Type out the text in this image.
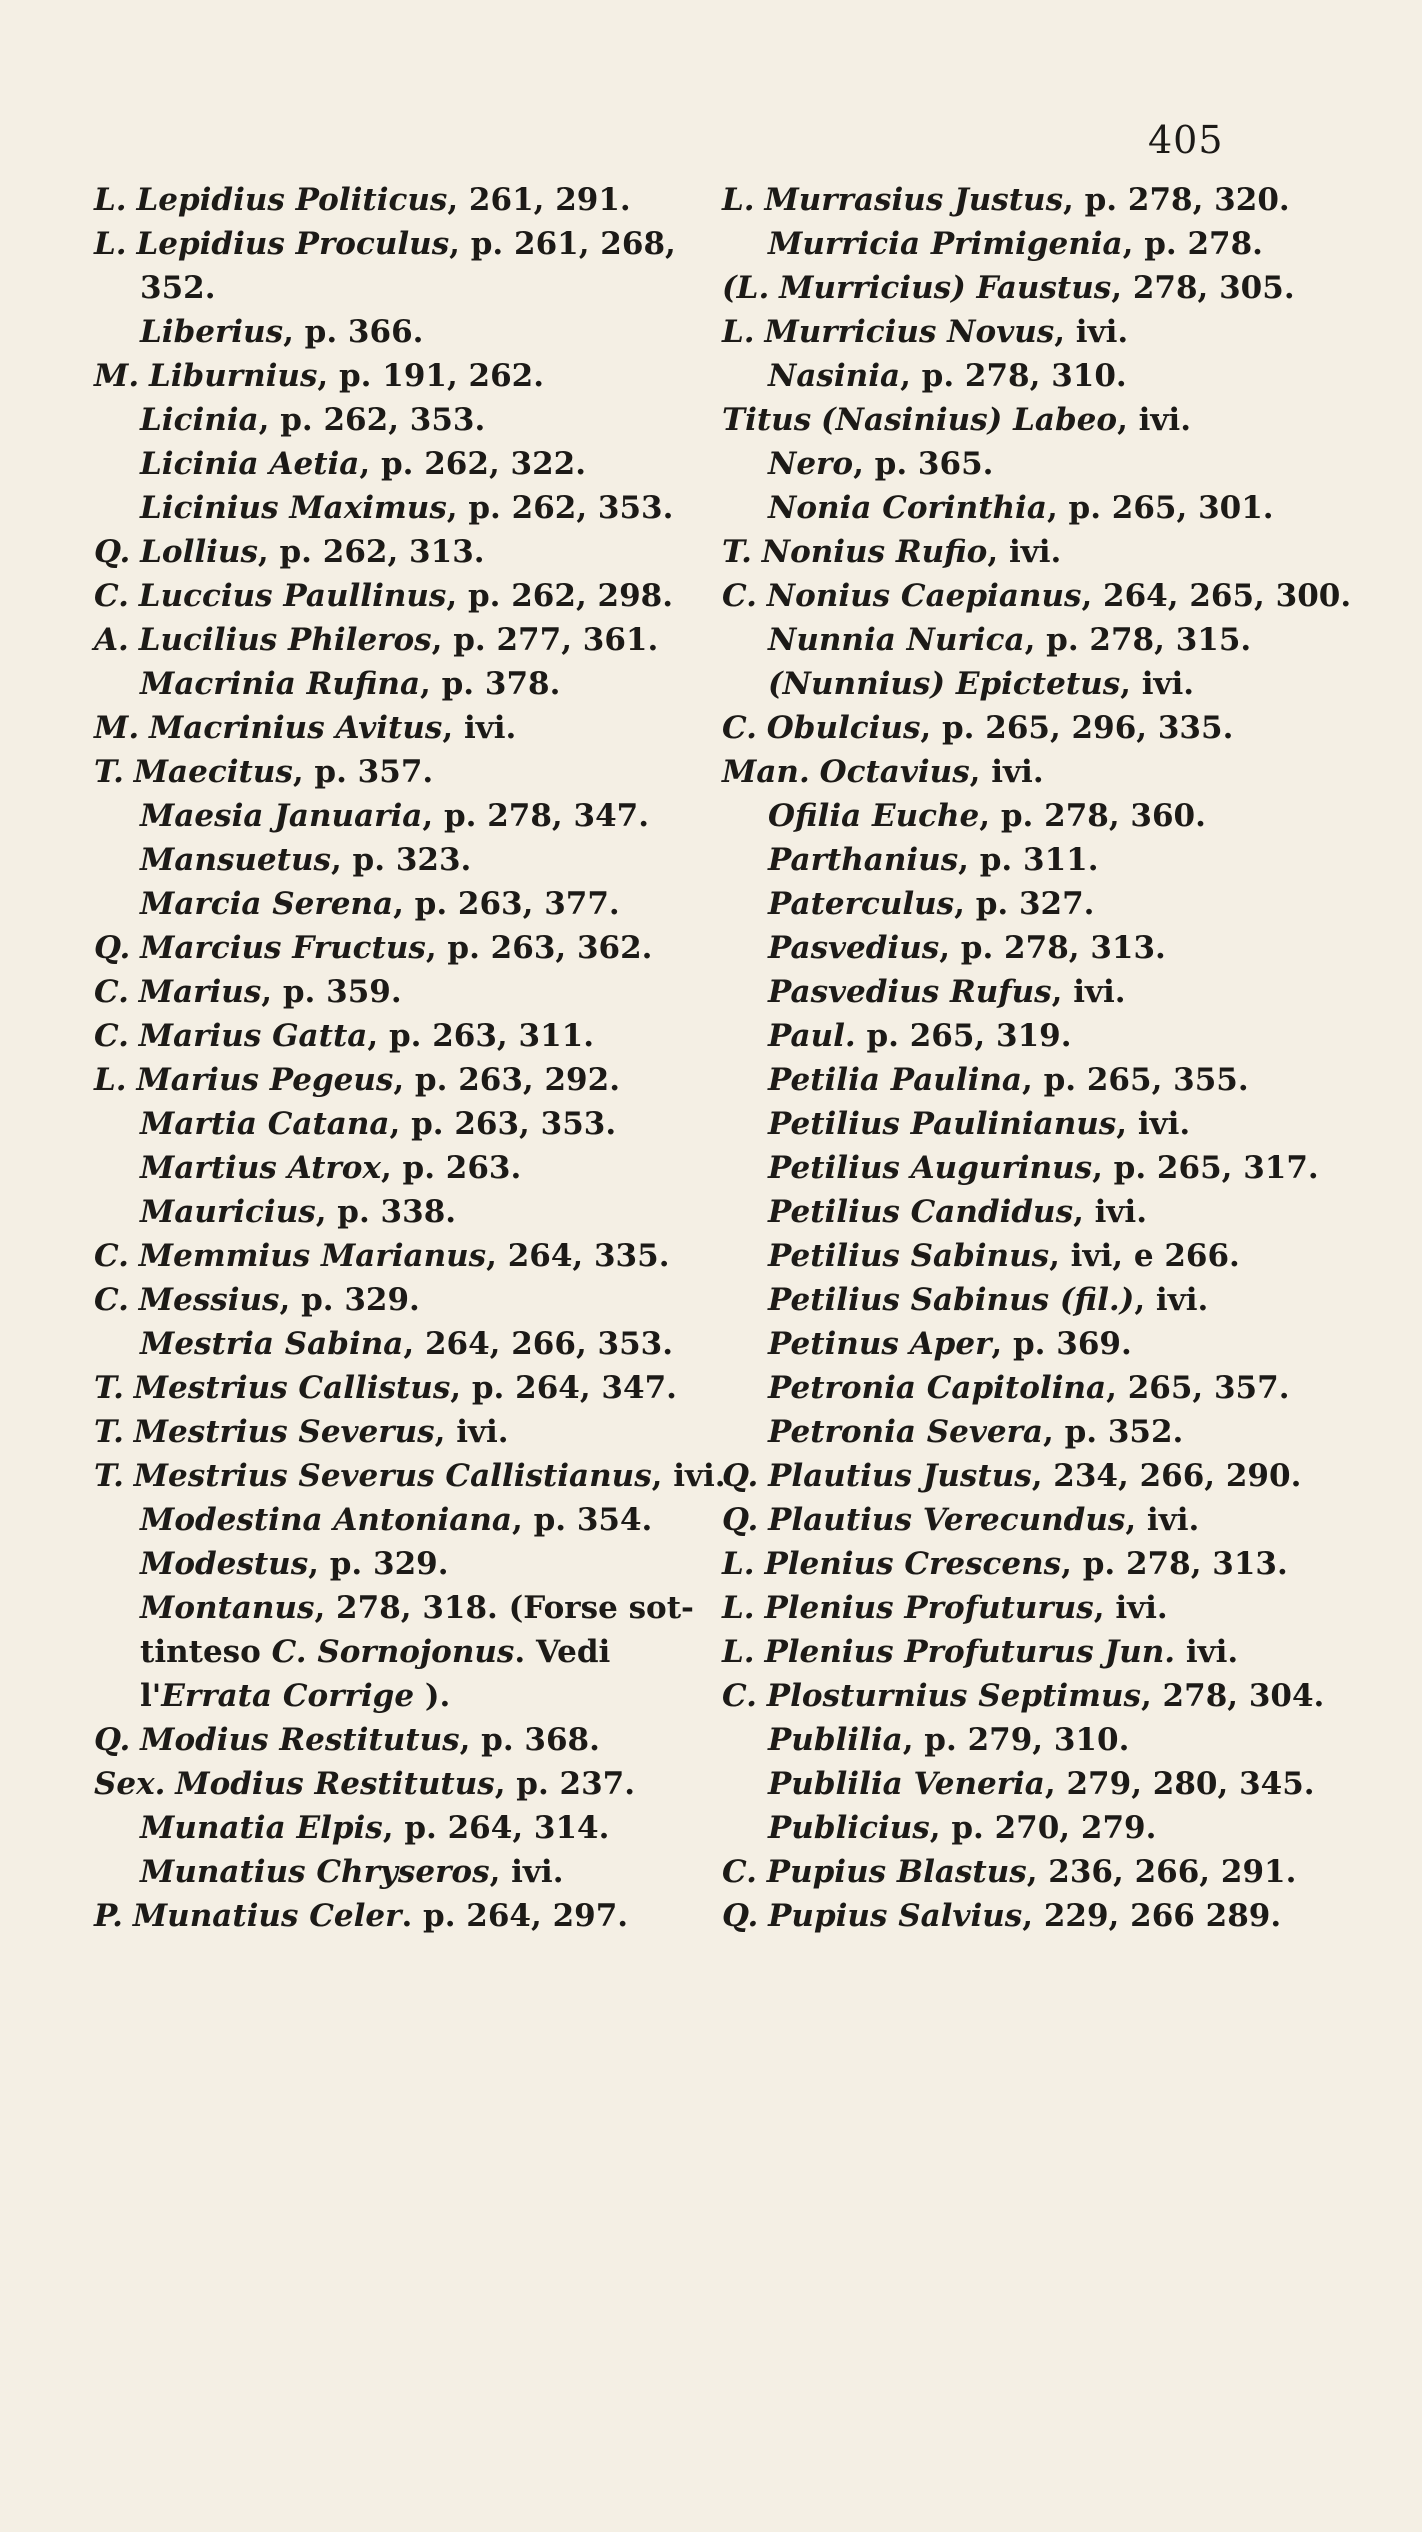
405
L. Lepidius Politicus, 261, 291.
L. Lepidius Proculus, p. 261, 268,
352.
Liberius, p. 366.
M. Liburnius, p. 191, 262.
Licinia, p. 262, 353.
Licinia Aetia, p. 262, 322.
Licinius Maximus, p. 262, 353.
Q. Lollius, p. 262, 313.
C. Luccius Paullinus, p. 262, 298.
A. Lucilius Phileros, p. 277, 361.
Macrinia Rufina, p. 378.
M. Macrinius Avitus, ivi.
T. Maecitus, p. 357.
Maesia Januaria, p. 278, 347.
Mansuetus, p. 323.
Marcia Serena, p. 263, 377.
Q. Marcius Fructus, p. 263, 362.
C. Marius, p. 359.
C. Marius Gatta, p. 263, 311.
L. Marius Pegeus, p. 263, 292.
Martia Catana, p. 263, 353.
Martius Atrox, p. 263.
Mauricius, p. 338.
C. Memmius Marianus, 264, 335.
C. Messius, p. 329.
Mestria Sabina, 264, 266, 353.
T. Mestrius Callistus, p. 264, 347.
T. Mestrius Severus, ivi.
T. Mestrius Severus Callistianus, ivi.
Modestina Antoniana, p. 354.
Modestus, p. 329.
Montanus, 278, 318. (Forse sot-
tinteso C. Sornojonus. Vedi
l'Errata Corrige ).
Q. Modius Restitutus, p. 368.
Sex. Modius Restitutus, p. 237.
Munatia Elpis, p. 264, 314.
Munatius Chryseros, ivi.
P. Munatius Celer. p. 264, 297.
L. Murrasius Justus, p. 278, 320.
Murricia Primigenia, p. 278.
(L. Murricius) Faustus, 278, 305.
L. Murricius Novus, ivi.
Nasinia, p. 278, 310.
Titus (Nasinius) Labeo, ivi.
Nero, p. 365.
Nonia Corinthia, p. 265, 301.
T. Nonius Rufio, ivi.
C. Nonius Caepianus, 264, 265, 300.
Nunnia Nurica, p. 278, 315.
(Nunnius) Epictetus, ivi.
C. Obulcius, p. 265, 296, 335.
Man. Octavius, ivi.
Ofilia Euche, p. 278, 360.
Parthanius, p. 311.
Paterculus, p. 327.
Pasvedius, p. 278, 313.
Pasvedius Rufus, ivi.
Paul. p. 265, 319.
Petilia Paulina, p. 265, 355.
Petilius Paulinianus, ivi.
Petilius Augurinus, p. 265, 317.
Petilius Candidus, ivi.
Petilius Sabinus, ivi, e 266.
Petilius Sabinus (fil.), ivi.
Petinus Aper, p. 369.
Petronia Capitolina, 265, 357.
Petronia Severa, p. 352.
Q. Plautius Justus, 234, 266, 290.
Q. Plautius Verecundus, ivi.
L. Plenius Crescens, p. 278, 313.
L. Plenius Profuturus, ivi.
L. Plenius Profuturus Jun. ivi.
C. Plosturnius Septimus, 278, 304.
Publilia, p. 279, 310.
Publilia Veneria, 279, 280, 345.
Publicius, p. 270, 279.
C. Pupius Blastus, 236, 266, 291.
Q. Pupius Salvius, 229, 266 289.
